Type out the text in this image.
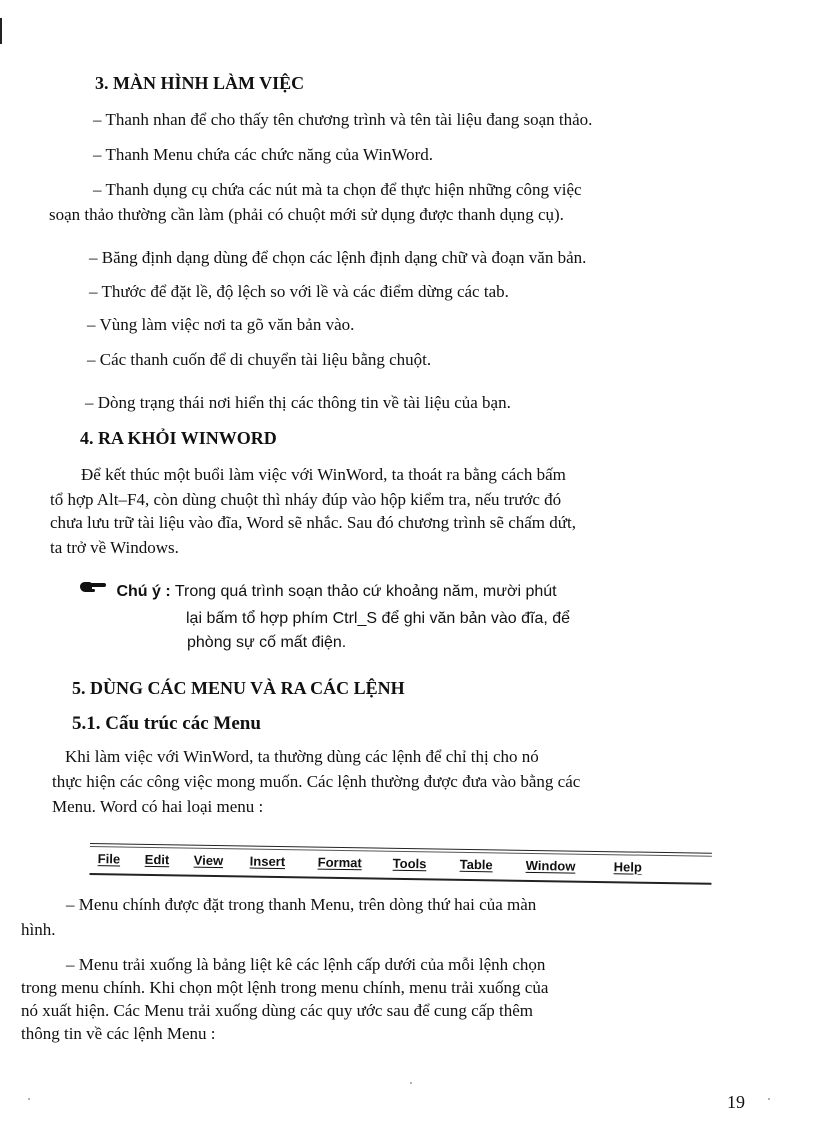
3. MÀN HÌNH LÀM VIỆC
– Thanh nhan để cho thấy tên chương trình và tên tài liệu đang soạn thảo.
– Thanh Menu chứa các chức năng của WinWord.
– Thanh dụng cụ chứa các nút mà ta chọn để thực hiện những công việc
soạn thảo thường cần làm (phải có chuột mới sử dụng được thanh dụng cụ).
– Băng định dạng dùng để chọn các lệnh định dạng chữ và đoạn văn bản.
– Thước để đặt lề, độ lệch so với lề và các điểm dừng các tab.
– Vùng làm việc nơi ta gõ văn bản vào.
– Các thanh cuốn để di chuyển tài liệu bằng chuột.
– Dòng trạng thái nơi hiển thị các thông tin về tài liệu của bạn.
4. RA KHỎI WINWORD
Để kết thúc một buổi làm việc với WinWord, ta thoát ra bằng cách bấm
tổ hợp Alt–F4, còn dùng chuột thì nháy đúp vào hộp kiểm tra, nếu trước đó
chưa lưu trữ tài liệu vào đĩa, Word sẽ nhắc. Sau đó chương trình sẽ chấm dứt,
ta trở về Windows.
Chú ý : Trong quá trình soạn thảo cứ khoảng năm, mười phút
lại bấm tổ hợp phím Ctrl_S để ghi văn bản vào đĩa, để
phòng sự cố mất điện.
5. DÙNG CÁC MENU VÀ RA CÁC LỆNH
5.1. Cấu trúc các Menu
Khi làm việc với WinWord, ta thường dùng các lệnh để chỉ thị cho nó
thực hiện các công việc mong muốn. Các lệnh thường được đưa vào bằng các
Menu. Word có hai loại menu :
File Edit View Insert Format Tools	Table	Window	Help
– Menu chính được đặt trong thanh Menu, trên dòng thứ hai của màn
hình.
– Menu trải xuống là bảng liệt kê các lệnh cấp dưới của mỗi lệnh chọn
trong menu chính. Khi chọn một lệnh trong menu chính, menu trải xuống của
nó xuất hiện. Các Menu trải xuống dùng các quy ước sau để cung cấp thêm
thông tin về các lệnh Menu :
19
